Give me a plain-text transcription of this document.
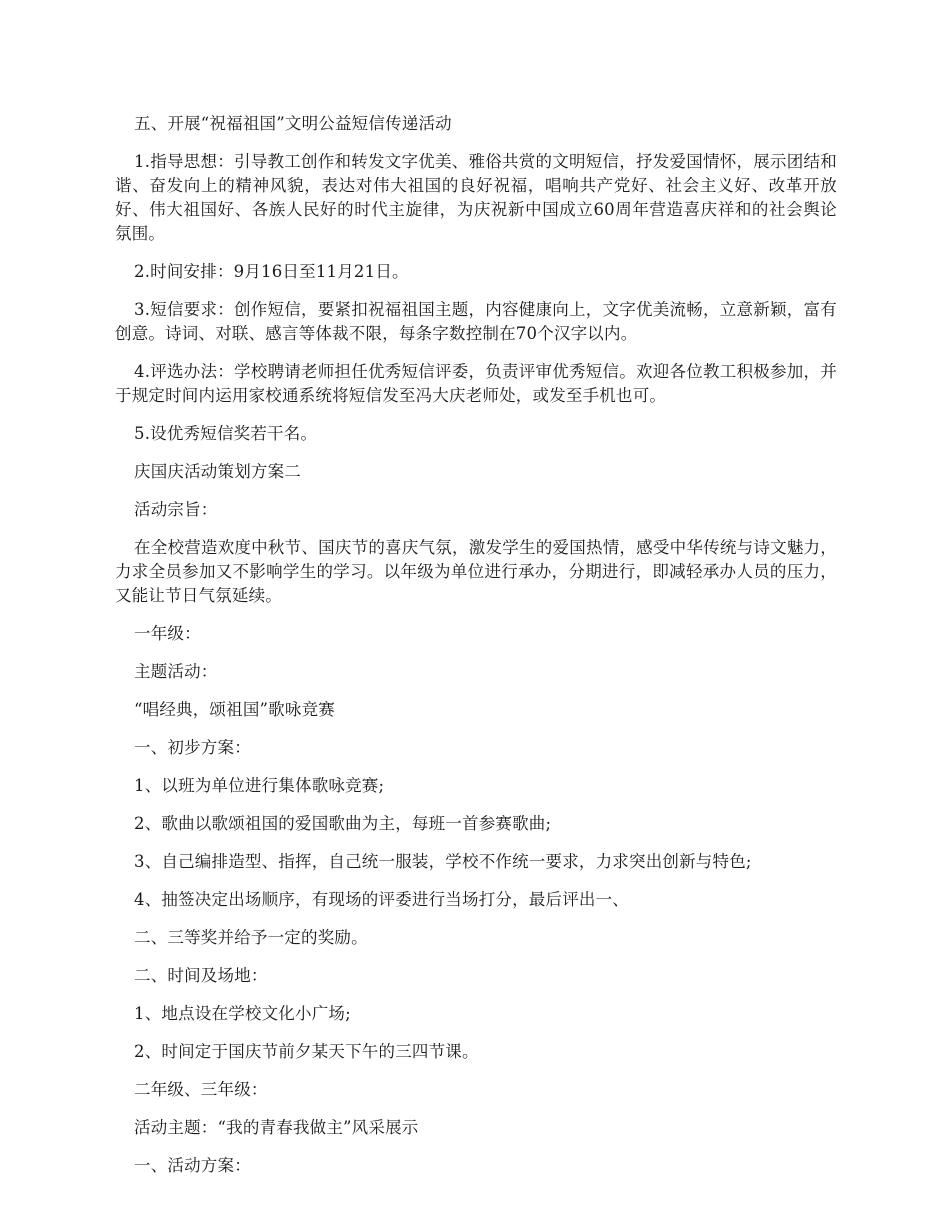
五、开展“祝福祖国”文明公益短信传递活动

1.指导思想：引导教工创作和转发文字优美、雅俗共赏的文明短信，抒发爱国情怀，展示团结和谐、奋发向上的精神风貌，表达对伟大祖国的良好祝福，唱响共产党好、社会主义好、改革开放好、伟大祖国好、各族人民好的时代主旋律，为庆祝新中国成立60周年营造喜庆祥和的社会舆论氛围。

2.时间安排：9月16日至11月21日。

3.短信要求：创作短信，要紧扣祝福祖国主题，内容健康向上，文字优美流畅，立意新颖，富有创意。诗词、对联、感言等体裁不限，每条字数控制在70个汉字以内。

4.评选办法：学校聘请老师担任优秀短信评委，负责评审优秀短信。欢迎各位教工积极参加，并于规定时间内运用家校通系统将短信发至冯大庆老师处，或发至手机也可。

5.设优秀短信奖若干名。

庆国庆活动策划方案二

活动宗旨：

在全校营造欢度中秋节、国庆节的喜庆气氛，激发学生的爱国热情，感受中华传统与诗文魅力，力求全员参加又不影响学生的学习。以年级为单位进行承办，分期进行，即减轻承办人员的压力，又能让节日气氛延续。

一年级：

主题活动：

“唱经典，颂祖国”歌咏竞赛

一、初步方案：

1、以班为单位进行集体歌咏竞赛;

2、歌曲以歌颂祖国的爱国歌曲为主，每班一首参赛歌曲;

3、自己编排造型、指挥，自己统一服装，学校不作统一要求，力求突出创新与特色;

4、抽签决定出场顺序，有现场的评委进行当场打分，最后评出一、

二、三等奖并给予一定的奖励。

二、时间及场地：

1、地点设在学校文化小广场;

2、时间定于国庆节前夕某天下午的三四节课。

二年级、三年级：

活动主题：“我的青春我做主”风采展示

一、活动方案：
